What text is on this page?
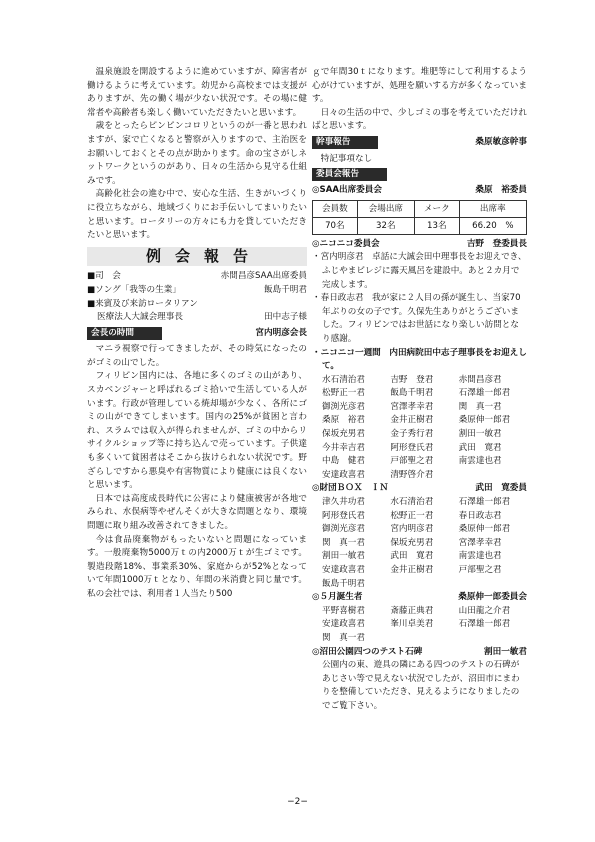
温泉施設を開設するように進めていますが、障害者が働けるように考えています。幼児から高校までは支援がありますが、先の働く場が少ない状況です。その場に健常者や高齢者も楽しく働いていただきたいと思います。
歳をとったらピンピンコロリというのが一番と思われますが、家で亡くなると警察が入りますので、主治医をお願いしておくとその点が助かります。命の宝さがしネットワークというのがあり、日々の生活から見守る仕組みです。
高齢化社会の進む中で、安心な生活、生きがいづくりに役立ちながら、地域づくりにお手伝いしてまいりたいと思います。ロータリーの方々にも力を貸していただきたいと思います。
例会報告
■司　会	赤間昌彦SAA出席委員
■ソング「我等の生業」	飯島千明君
■来賓及び来訪ロータリアン
医療法人大誠会理事長	田中志子様
会長の時間	宮内明彦会長
マニラ視察で行ってきましたが、その時気になったのがゴミの山でした。
フィリピン国内には、各地に多くのゴミの山があり、スカベンジャーと呼ばれるゴミ拾いで生活している人がいます。行政が管理している焼却場が少なく、各所にゴミの山ができてしまいます。国内の25%が貧困と言われ、スラムでは収入が得られませんが、ゴミの中からリサイクルショップ等に持ち込んで売っています。子供達も多くいて貧困者はそこから抜けられない状況です。野ざらしですから悪臭や有害物質により健康には良くないと思います。
日本では高度成長時代に公害により健康被害が各地でみられ、水俣病等やぜんそくが大きな問題となり、環境問題に取り組み改善されてきました。
今は食品廃棄物がもったいないと問題になっています。一般廃棄物5000万ｔの内2000万ｔが生ゴミです。製造段階18%、事業系30%、家庭からが52%となっていて年間1000万ｔとなり、年間の米消費と同じ量です。私の会社では、利用者１人当たり500
ｇで年間30ｔになります。堆肥等にして利用するよう心がけていますが、処理を願いする方が多くなっています。
日々の生活の中で、少しゴミの事を考えていただければと思います。
幹事報告	桑原敏彦幹事
特記事項なし
委員会報告
◎SAA出席委員会	桑原　裕委員
会員数	会場出席	メーク	出席率
70名	32名	13名	66.20　%
◎ニコニコ委員会	吉野　登委員長
・宮内明彦君　卓話に大誠会田中理事長をお迎えでき、ふじやまビレジに露天風呂を建設中。あと２カ月で完成します。
・春日政志君　我が家に２人目の孫が誕生し、当家70年ぶりの女の子です。久保先生ありがとうございました。フィリピンではお世話になり楽しい訪問となり感謝。
・ニコニコ一週間　内田病院田中志子理事長をお迎えして。
水石清治君	吉野　登君	赤間昌彦君
松野正一君	飯島千明君	石澤雄一郎君
御渕光彦君	宮澤孝幸君	関　真一君
桑原　裕君	金井正樹君	桑原伸一郎君
保坂充男君	金子秀行君	割田一敏君
今井幸吉君	阿形登氏君	武田　寛君
中島　健君	戸部聖之君	南雲達也君
安達政喜君	清野啓介君
◎財団ＢＯＸ　ＩＮ	武田　寛委員
津久井功君	水石清治君	石澤雄一郎君
阿形登氏君	松野正一君	春日政志君
御渕光彦君	宮内明彦君	桑原伸一郎君
関　真一君	保坂充男君	宮澤孝幸君
割田一敏君	武田　寛君	南雲達也君
安達政喜君	金井正樹君	戸部聖之君
飯島千明君
◎５月誕生者	桑原伸一郎委員会
平野喜樹君	斎藤正典君	山田龍之介君
安達政喜君	峯川卓美君	石澤雄一郎君
関　真一君
◎沼田公園四つのテスト石碑	割田一敏君
公園内の東、遊具の隣にある四つのテストの石碑があじさい等で見えない状況でしたが、沼田市にまわりを整備していただき、見えるようになりましたのでご覧下さい。
−2−
